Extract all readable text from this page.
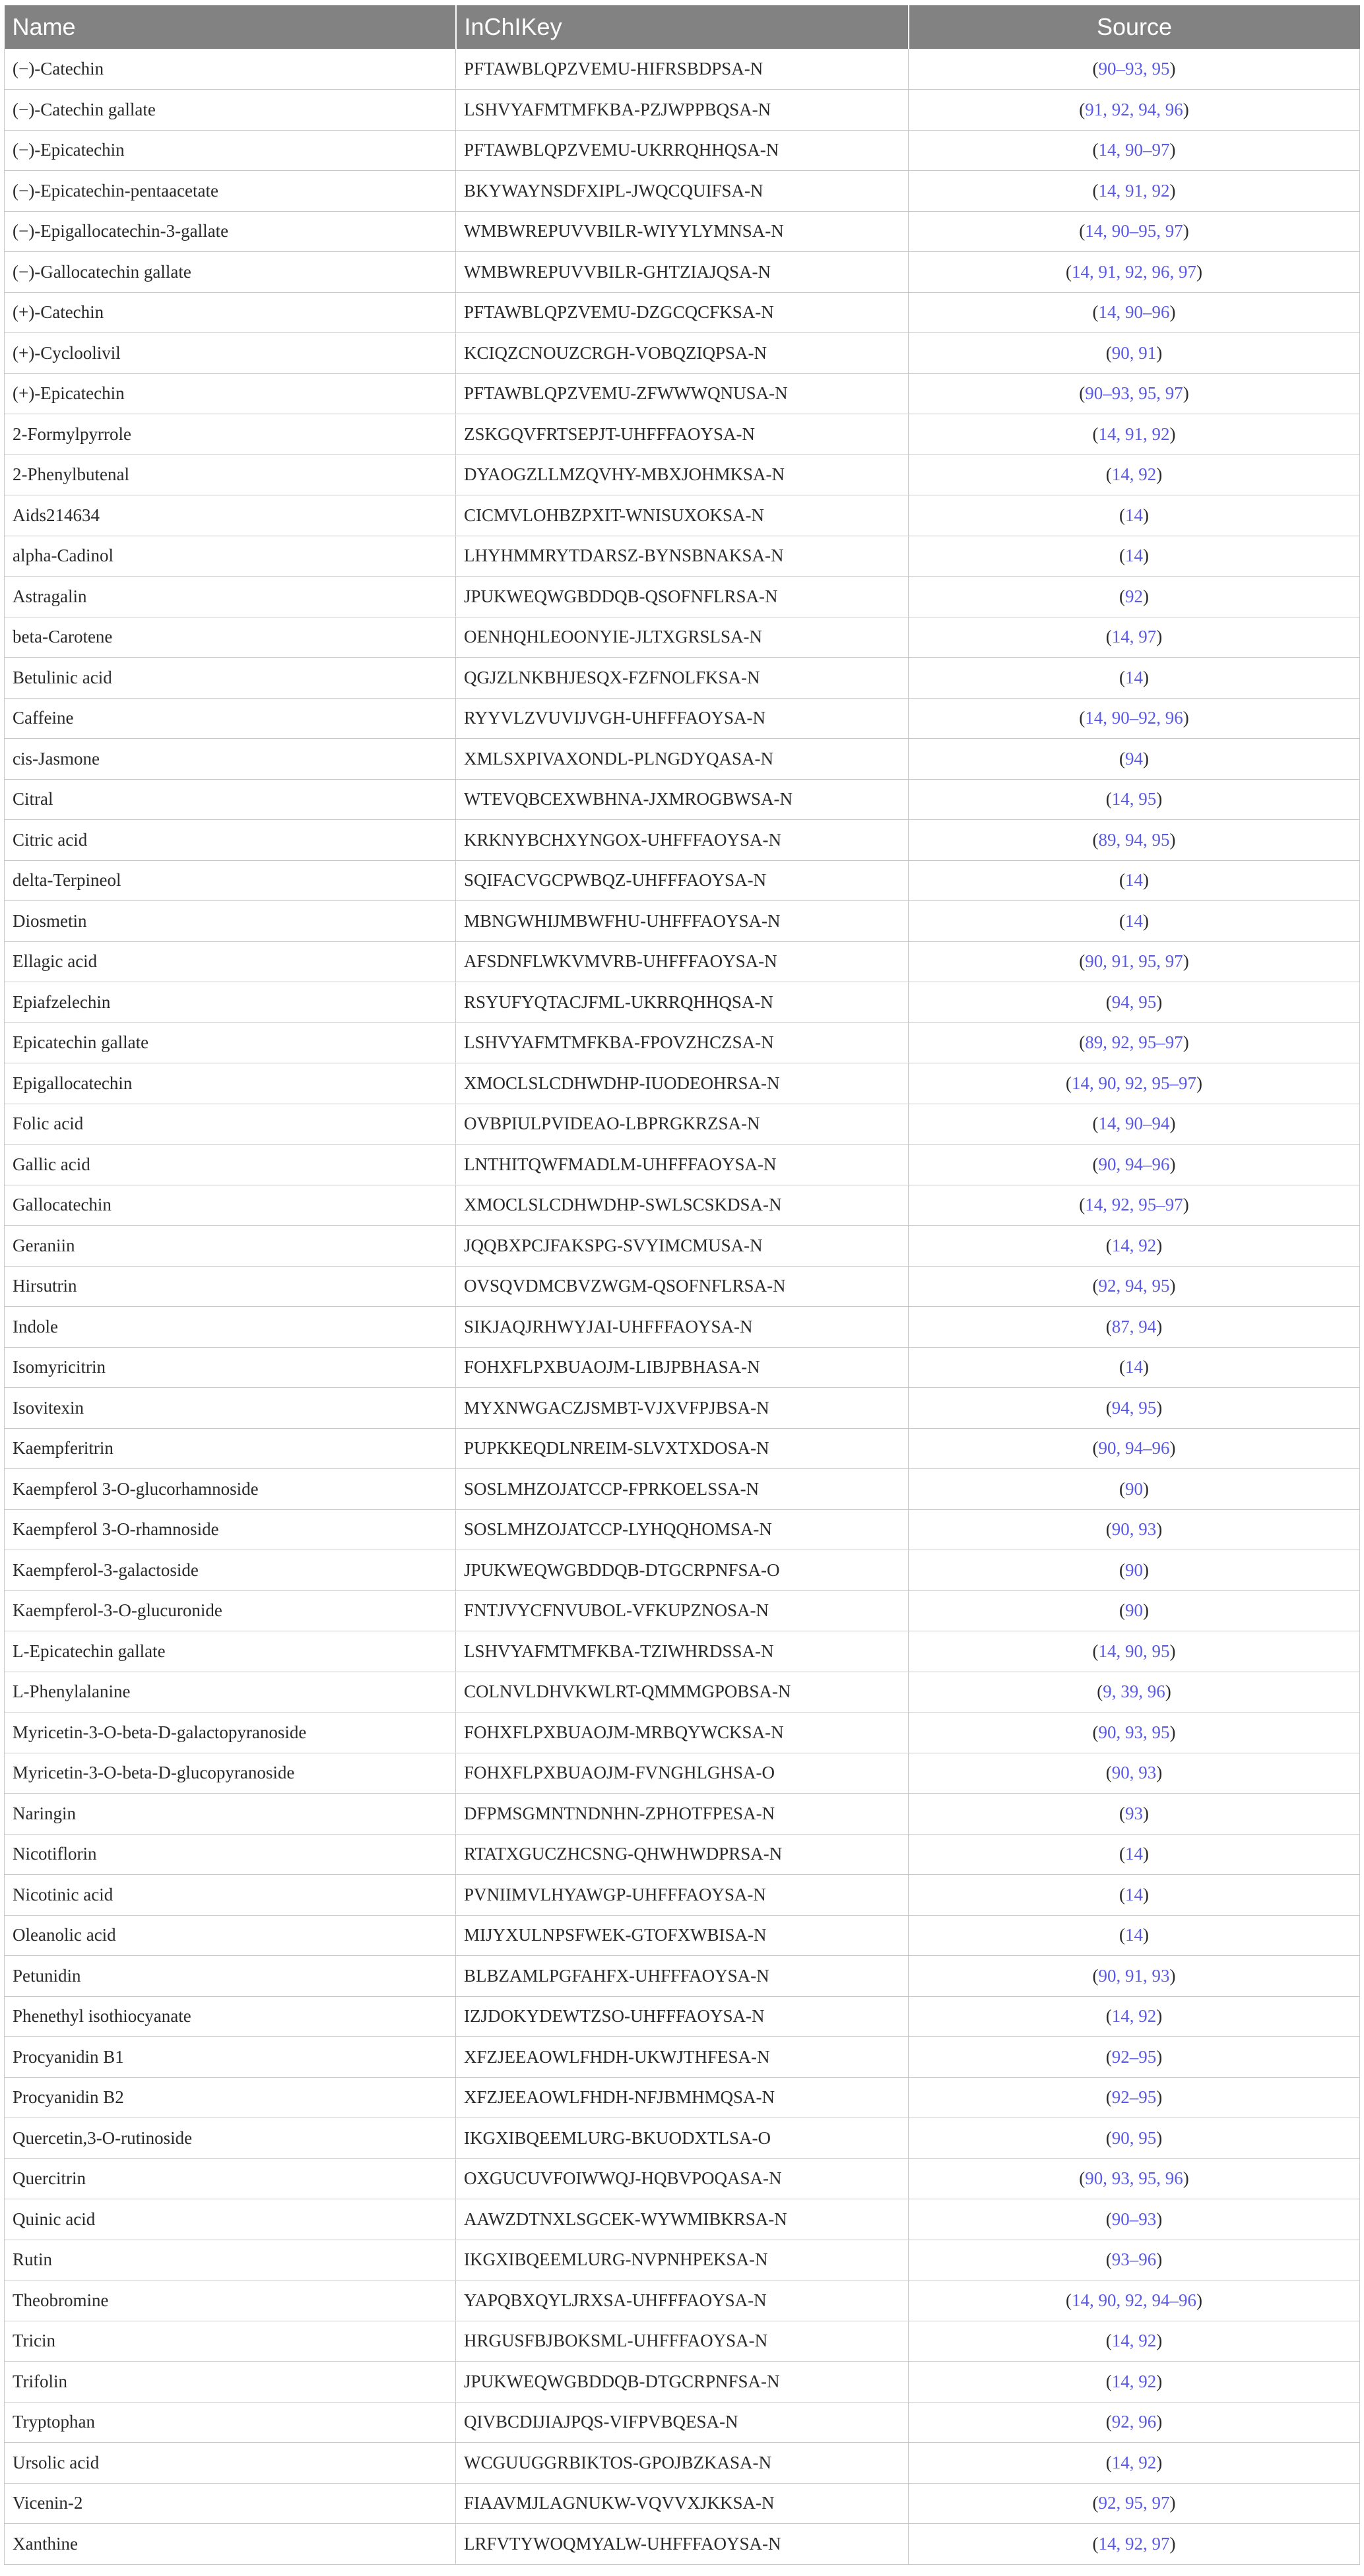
Name	InChIKey	Source
(−)-Catechin	PFTAWBLQPZVEMU-HIFRSBDPSA-N	(90–93, 95)
(−)-Catechin gallate	LSHVYAFMTMFKBA-PZJWPPBQSA-N	(91, 92, 94, 96)
(−)-Epicatechin	PFTAWBLQPZVEMU-UKRRQHHQSA-N	(14, 90–97)
(−)-Epicatechin-pentaacetate	BKYWAYNSDFXIPL-JWQCQUIFSA-N	(14, 91, 92)
(−)-Epigallocatechin-3-gallate	WMBWREPUVVBILR-WIYYLYMNSA-N	(14, 90–95, 97)
(−)-Gallocatechin gallate	WMBWREPUVVBILR-GHTZIAJQSA-N	(14, 91, 92, 96, 97)
(+)-Catechin	PFTAWBLQPZVEMU-DZGCQCFKSA-N	(14, 90–96)
(+)-Cycloolivil	KCIQZCNOUZCRGH-VOBQZIQPSA-N	(90, 91)
(+)-Epicatechin	PFTAWBLQPZVEMU-ZFWWWQNUSA-N	(90–93, 95, 97)
2-Formylpyrrole	ZSKGQVFRTSEPJT-UHFFFAOYSA-N	(14, 91, 92)
2-Phenylbutenal	DYAOGZLLMZQVHY-MBXJOHMKSA-N	(14, 92)
Aids214634	CICMVLOHBZPXIT-WNISUXOKSA-N	(14)
alpha-Cadinol	LHYHMMRYTDARSZ-BYNSBNAKSA-N	(14)
Astragalin	JPUKWEQWGBDDQB-QSOFNFLRSA-N	(92)
beta-Carotene	OENHQHLEOONYIE-JLTXGRSLSA-N	(14, 97)
Betulinic acid	QGJZLNKBHJESQX-FZFNOLFKSA-N	(14)
Caffeine	RYYVLZVUVIJVGH-UHFFFAOYSA-N	(14, 90–92, 96)
cis-Jasmone	XMLSXPIVAXONDL-PLNGDYQASA-N	(94)
Citral	WTEVQBCEXWBHNA-JXMROGBWSA-N	(14, 95)
Citric acid	KRKNYBCHXYNGOX-UHFFFAOYSA-N	(89, 94, 95)
delta-Terpineol	SQIFACVGCPWBQZ-UHFFFAOYSA-N	(14)
Diosmetin	MBNGWHIJMBWFHU-UHFFFAOYSA-N	(14)
Ellagic acid	AFSDNFLWKVMVRB-UHFFFAOYSA-N	(90, 91, 95, 97)
Epiafzelechin	RSYUFYQTACJFML-UKRRQHHQSA-N	(94, 95)
Epicatechin gallate	LSHVYAFMTMFKBA-FPOVZHCZSA-N	(89, 92, 95–97)
Epigallocatechin	XMOCLSLCDHWDHP-IUODEOHRSA-N	(14, 90, 92, 95–97)
Folic acid	OVBPIULPVIDEAO-LBPRGKRZSA-N	(14, 90–94)
Gallic acid	LNTHITQWFMADLM-UHFFFAOYSA-N	(90, 94–96)
Gallocatechin	XMOCLSLCDHWDHP-SWLSCSKDSA-N	(14, 92, 95–97)
Geraniin	JQQBXPCJFAKSPG-SVYIMCMUSA-N	(14, 92)
Hirsutrin	OVSQVDMCBVZWGM-QSOFNFLRSA-N	(92, 94, 95)
Indole	SIKJAQJRHWYJAI-UHFFFAOYSA-N	(87, 94)
Isomyricitrin	FOHXFLPXBUAOJM-LIBJPBHASA-N	(14)
Isovitexin	MYXNWGACZJSMBT-VJXVFPJBSA-N	(94, 95)
Kaempferitrin	PUPKKEQDLNREIM-SLVXTXDOSA-N	(90, 94–96)
Kaempferol 3-O-glucorhamnoside	SOSLMHZOJATCCP-FPRKOELSSA-N	(90)
Kaempferol 3-O-rhamnoside	SOSLMHZOJATCCP-LYHQQHOMSA-N	(90, 93)
Kaempferol-3-galactoside	JPUKWEQWGBDDQB-DTGCRPNFSA-O	(90)
Kaempferol-3-O-glucuronide	FNTJVYCFNVUBOL-VFKUPZNOSA-N	(90)
L-Epicatechin gallate	LSHVYAFMTMFKBA-TZIWHRDSSA-N	(14, 90, 95)
L-Phenylalanine	COLNVLDHVKWLRT-QMMMGPOBSA-N	(9, 39, 96)
Myricetin-3-O-beta-D-galactopyranoside	FOHXFLPXBUAOJM-MRBQYWCKSA-N	(90, 93, 95)
Myricetin-3-O-beta-D-glucopyranoside	FOHXFLPXBUAOJM-FVNGHLGHSA-O	(90, 93)
Naringin	DFPMSGMNTNDNHN-ZPHOTFPESA-N	(93)
Nicotiflorin	RTATXGUCZHCSNG-QHWHWDPRSA-N	(14)
Nicotinic acid	PVNIIMVLHYAWGP-UHFFFAOYSA-N	(14)
Oleanolic acid	MIJYXULNPSFWEK-GTOFXWBISA-N	(14)
Petunidin	BLBZAMLPGFAHFX-UHFFFAOYSA-N	(90, 91, 93)
Phenethyl isothiocyanate	IZJDOKYDEWTZSO-UHFFFAOYSA-N	(14, 92)
Procyanidin B1	XFZJEEAOWLFHDH-UKWJTHFESA-N	(92–95)
Procyanidin B2	XFZJEEAOWLFHDH-NFJBMHMQSA-N	(92–95)
Quercetin,3-O-rutinoside	IKGXIBQEEMLURG-BKUODXTLSA-O	(90, 95)
Quercitrin	OXGUCUVFOIWWQJ-HQBVPOQASA-N	(90, 93, 95, 96)
Quinic acid	AAWZDTNXLSGCEK-WYWMIBKRSA-N	(90–93)
Rutin	IKGXIBQEEMLURG-NVPNHPEKSA-N	(93–96)
Theobromine	YAPQBXQYLJRXSA-UHFFFAOYSA-N	(14, 90, 92, 94–96)
Tricin	HRGUSFBJBOKSML-UHFFFAOYSA-N	(14, 92)
Trifolin	JPUKWEQWGBDDQB-DTGCRPNFSA-N	(14, 92)
Tryptophan	QIVBCDIJIAJPQS-VIFPVBQESA-N	(92, 96)
Ursolic acid	WCGUUGGRBIKTOS-GPOJBZKASA-N	(14, 92)
Vicenin-2	FIAAVMJLAGNUKW-VQVVXJKKSA-N	(92, 95, 97)
Xanthine	LRFVTYWOQMYALW-UHFFFAOYSA-N	(14, 92, 97)
